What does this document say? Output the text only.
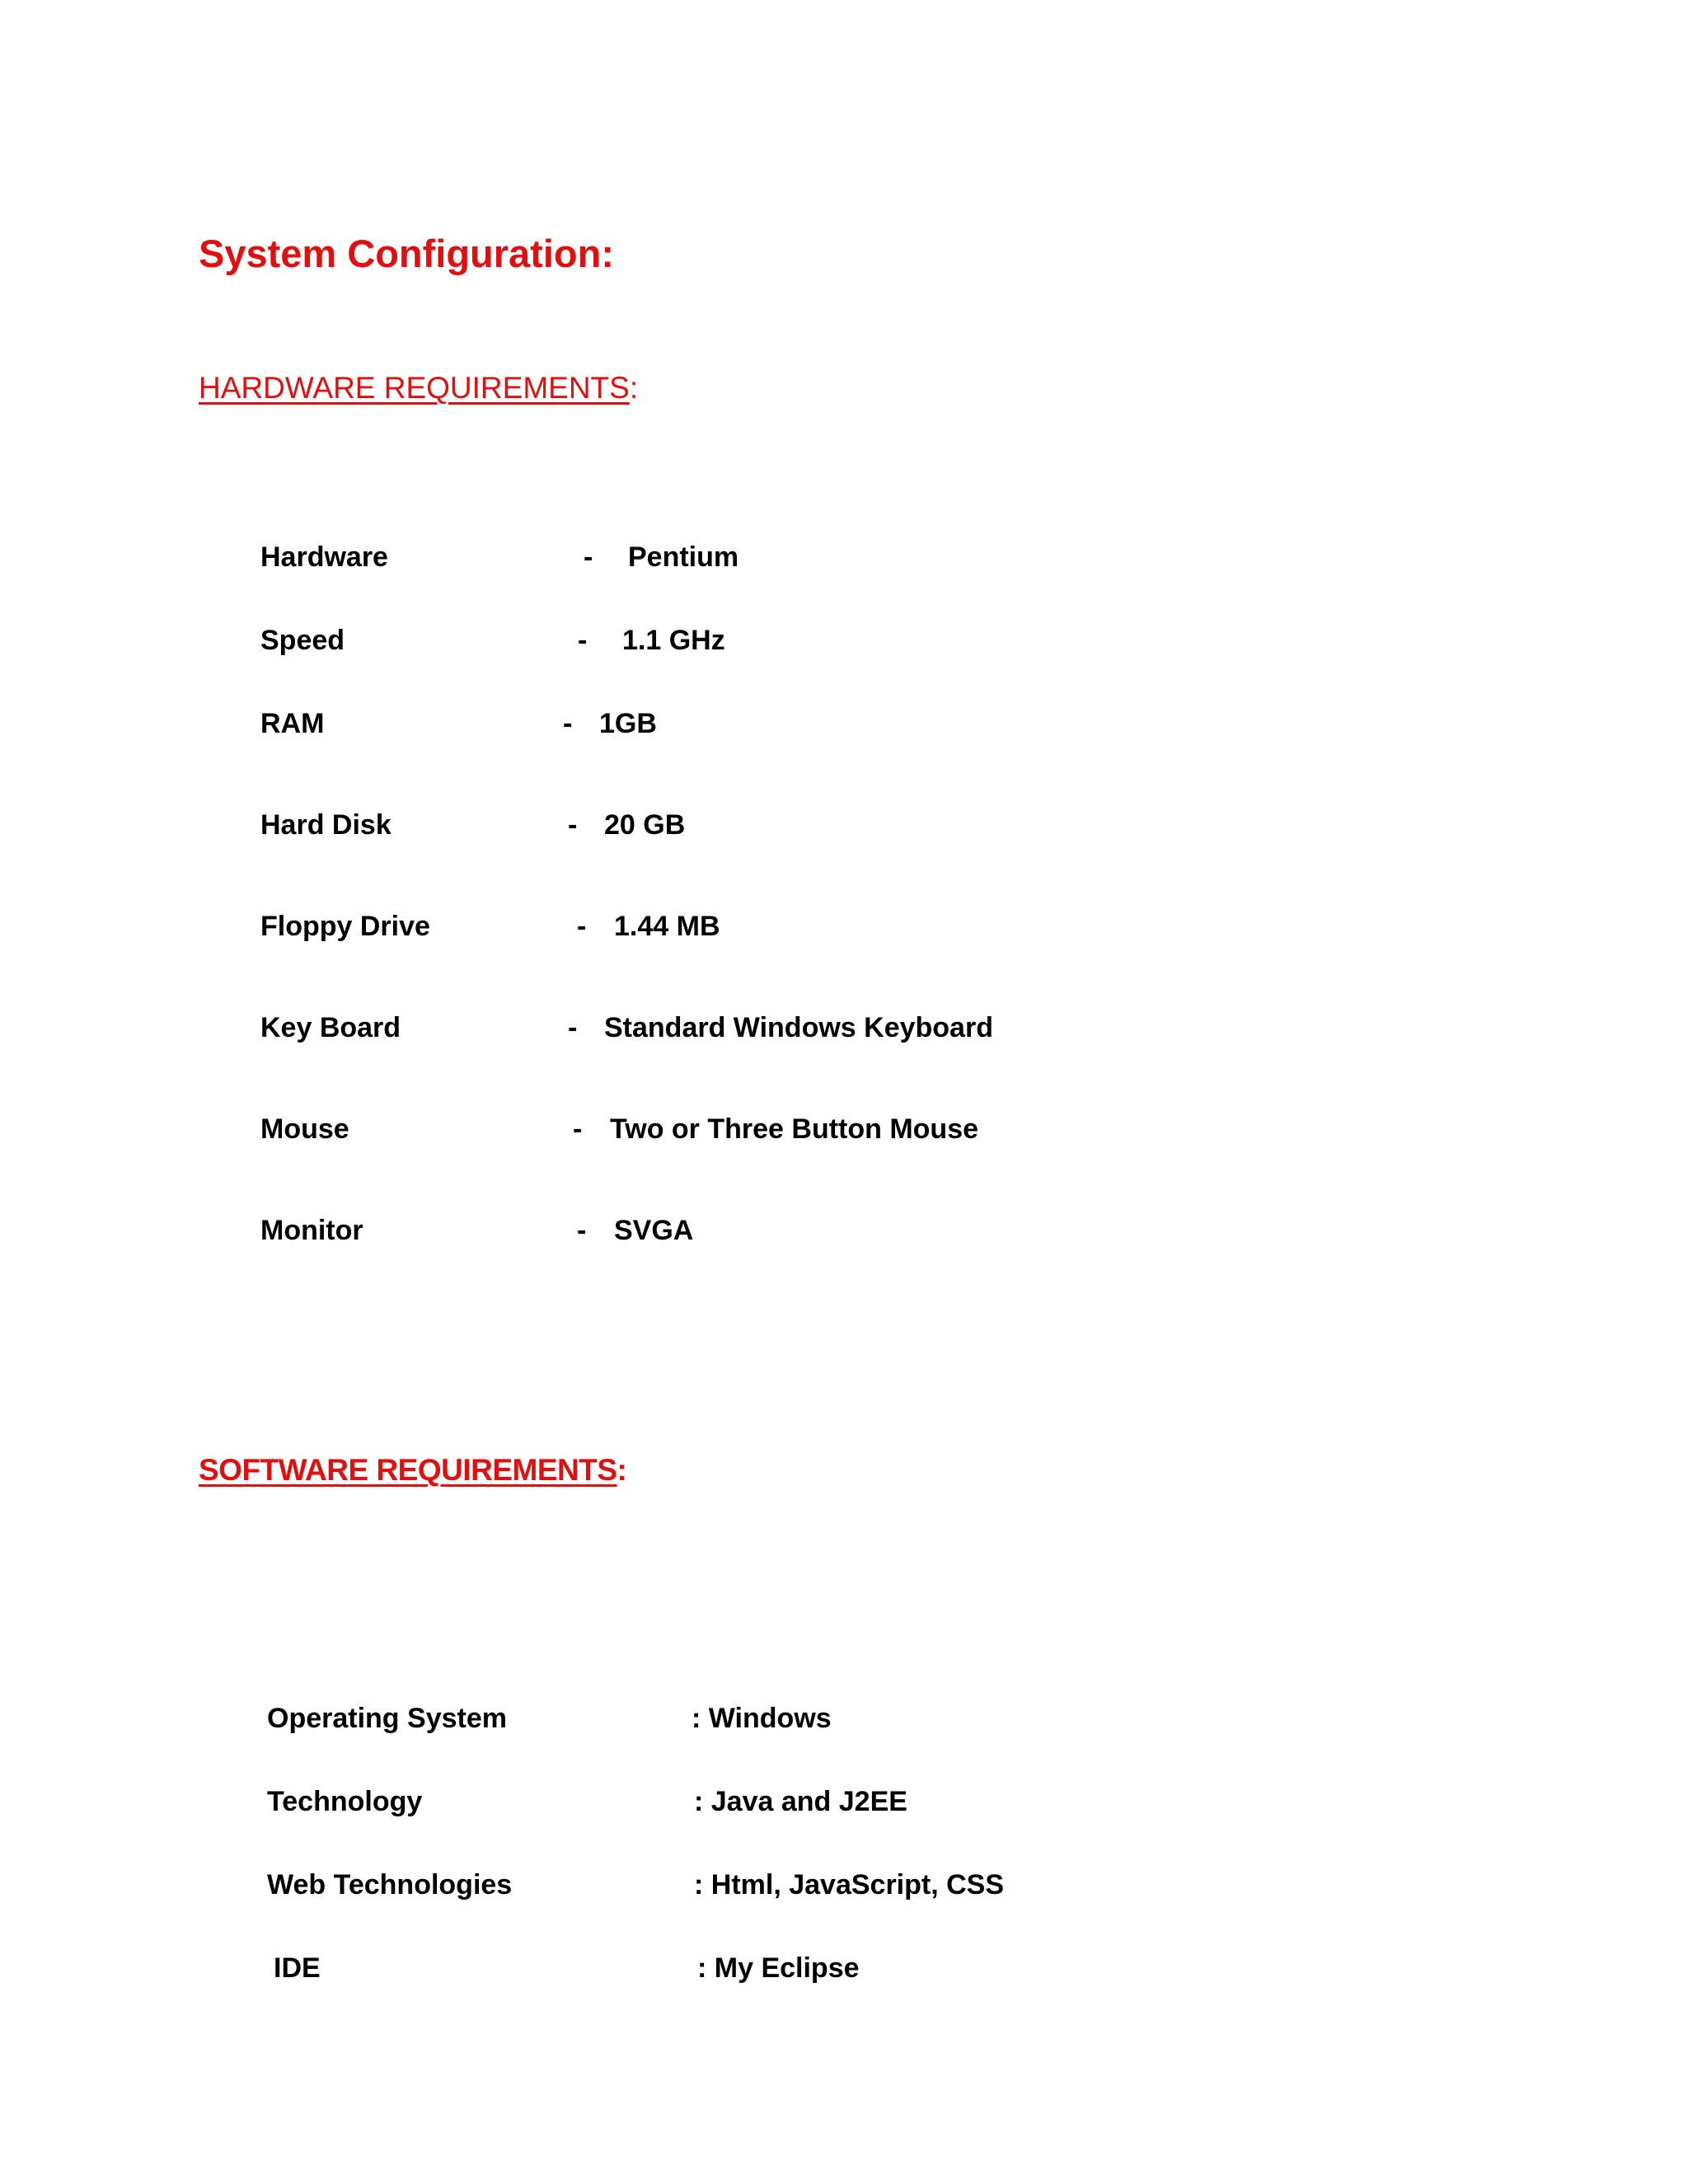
System Configuration:
HARDWARE REQUIREMENTS:
Hardware	- Pentium
Speed	- 1.1 GHz
RAM	- 1GB
Hard Disk	- 20 GB
Floppy Drive	- 1.44 MB
Key Board	- Standard Windows Keyboard
Mouse	- Two or Three Button Mouse
Monitor	- SVGA
SOFTWARE REQUIREMENTS:
Operating System	: Windows
Technology	: Java and J2EE
Web Technologies	: Html, JavaScript, CSS
IDE	: My Eclipse
